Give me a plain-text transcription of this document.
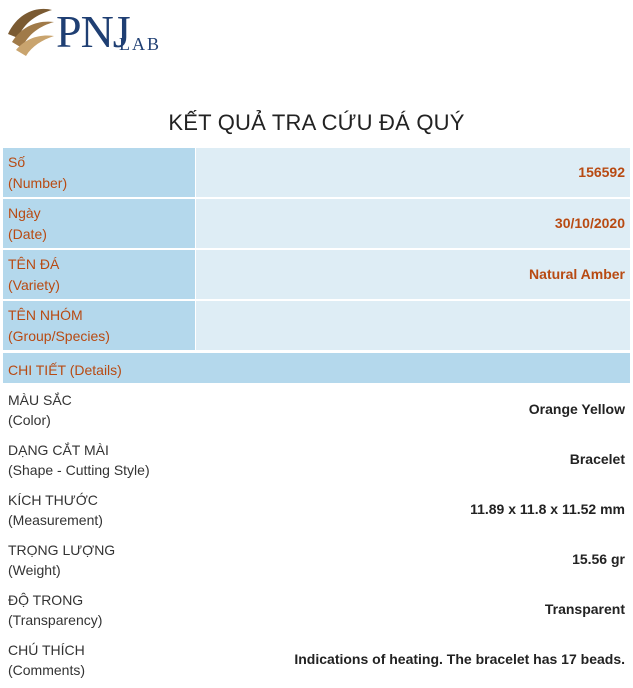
PNJ
LAB
KẾT QUẢ TRA CỨU ĐÁ QUÝ
Số
(Number)
156592
Ngày
(Date)
30/10/2020
TÊN ĐÁ
(Variety)
Natural Amber
TÊN NHÓM
(Group/Species)
CHI TIẾT (Details)
MÀU SẮC
(Color)
Orange Yellow
DẠNG CẮT MÀI
(Shape - Cutting Style)
Bracelet
KÍCH THƯỚC
(Measurement)
11.89 x 11.8 x 11.52 mm
TRỌNG LƯỢNG
(Weight)
15.56 gr
ĐỘ TRONG
(Transparency)
Transparent
CHÚ THÍCH
(Comments)
Indications of heating. The bracelet has 17 beads.
